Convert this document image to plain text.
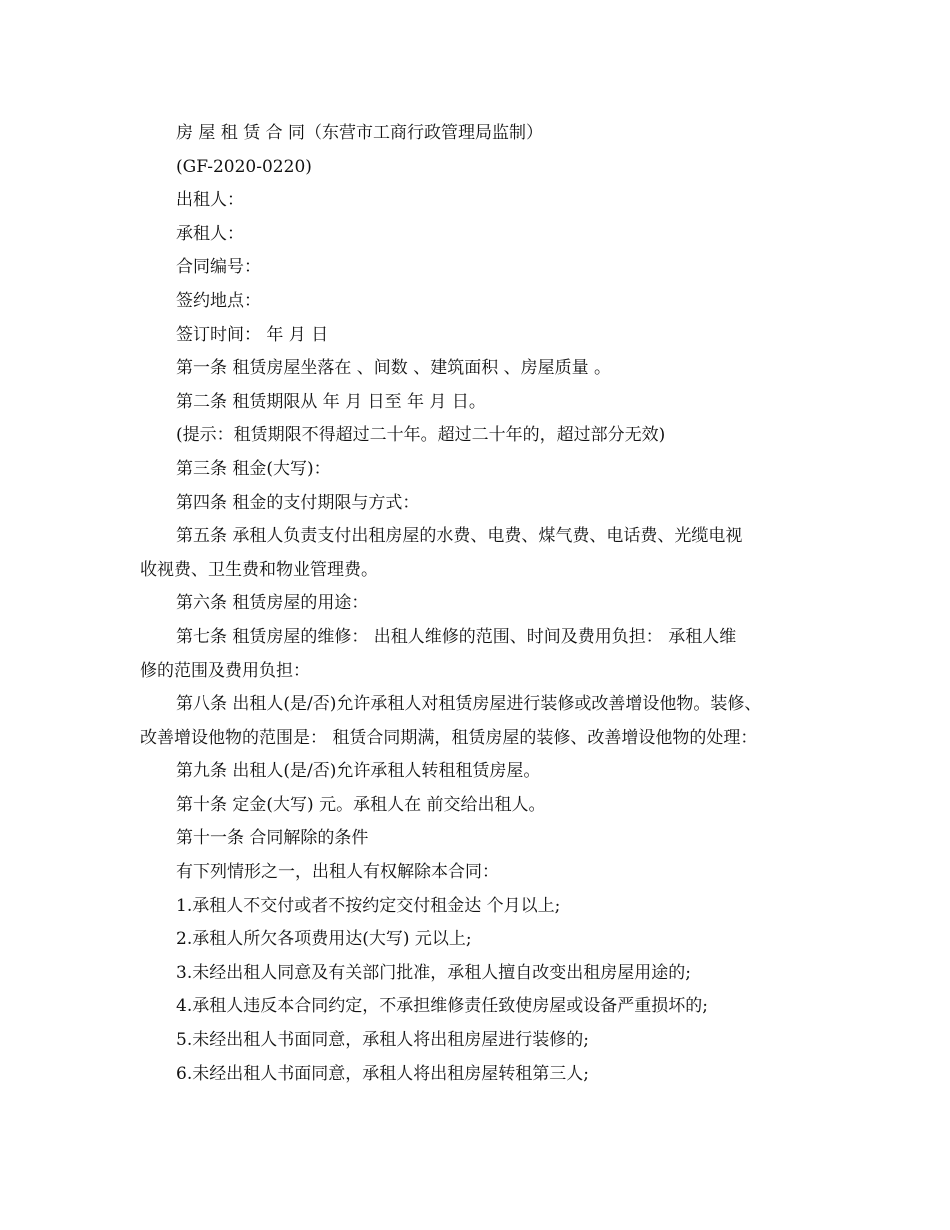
房 屋 租 赁 合 同（东营市工商行政管理局监制）
(GF-2020-0220)
出租人：
承租人：
合同编号：
签约地点：
签订时间： 年 月 日
第一条 租赁房屋坐落在 、间数 、建筑面积 、房屋质量 。
第二条 租赁期限从 年 月 日至 年 月 日。
(提示：租赁期限不得超过二十年。超过二十年的，超过部分无效)
第三条 租金(大写)：
第四条 租金的支付期限与方式：
第五条 承租人负责支付出租房屋的水费、电费、煤气费、电话费、光缆电视
收视费、卫生费和物业管理费。
第六条 租赁房屋的用途：
第七条 租赁房屋的维修： 出租人维修的范围、时间及费用负担： 承租人维
修的范围及费用负担：
第八条 出租人(是/否)允许承租人对租赁房屋进行装修或改善增设他物。装修、
改善增设他物的范围是： 租赁合同期满，租赁房屋的装修、改善增设他物的处理：
第九条 出租人(是/否)允许承租人转租租赁房屋。
第十条 定金(大写) 元。承租人在 前交给出租人。
第十一条 合同解除的条件
有下列情形之一，出租人有权解除本合同：
1.承租人不交付或者不按约定交付租金达 个月以上;
2.承租人所欠各项费用达(大写) 元以上;
3.未经出租人同意及有关部门批准，承租人擅自改变出租房屋用途的;
4.承租人违反本合同约定，不承担维修责任致使房屋或设备严重损坏的;
5.未经出租人书面同意，承租人将出租房屋进行装修的;
6.未经出租人书面同意，承租人将出租房屋转租第三人;
